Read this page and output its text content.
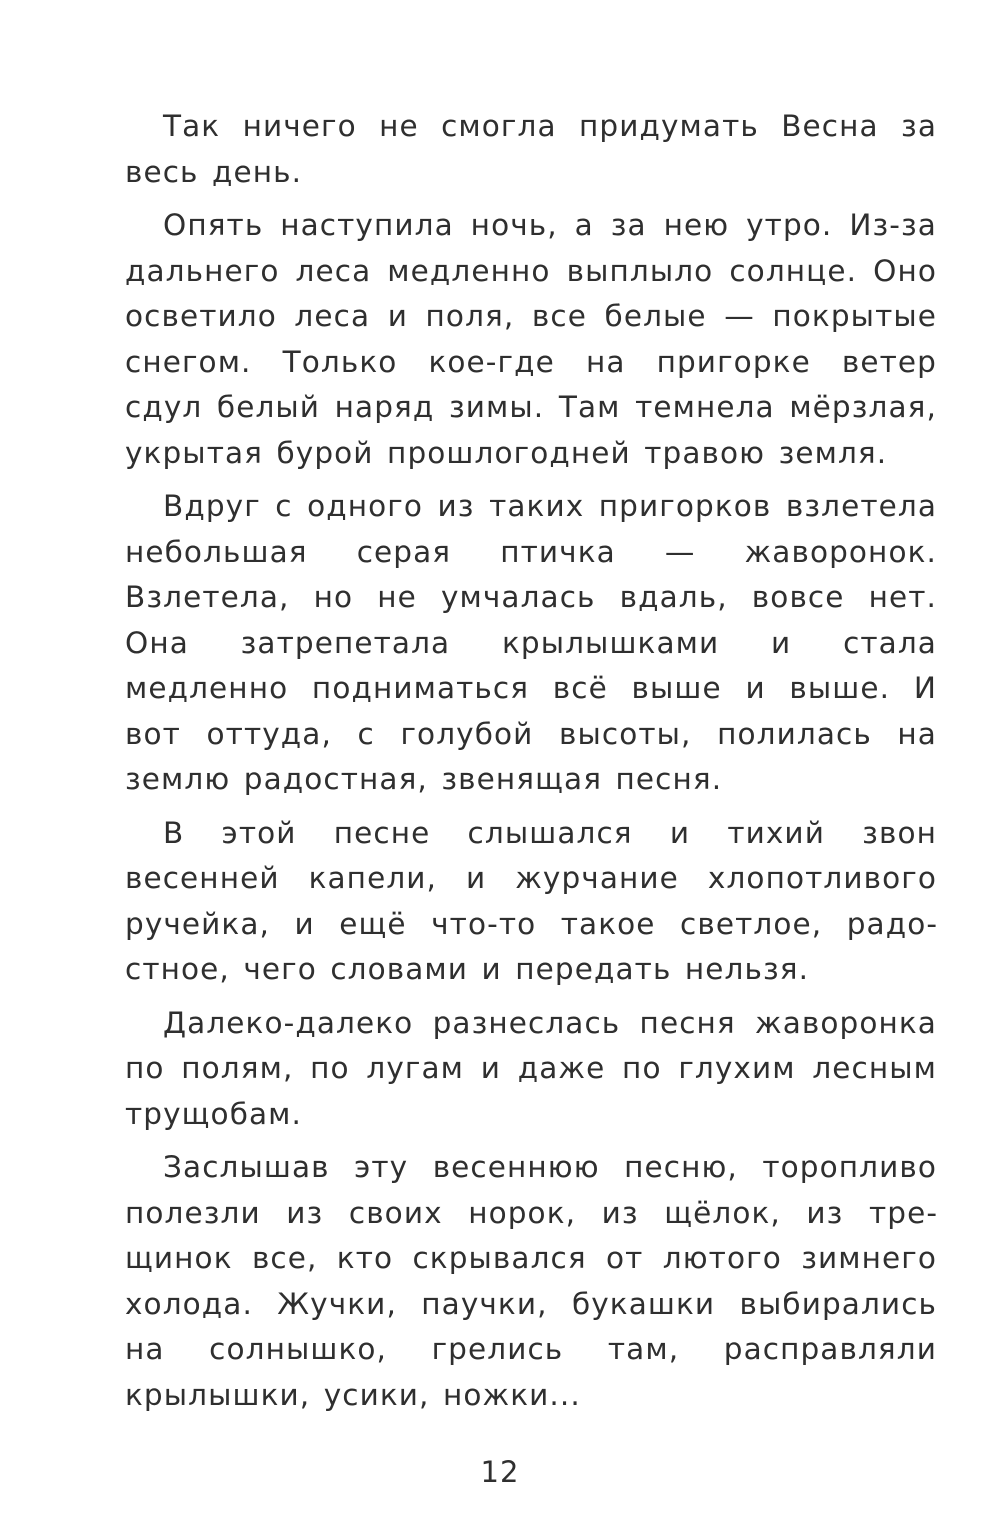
Так ничего не смогла придумать Весна за весь день.

Опять наступила ночь, а за нею утро. Из-за дальнего леса медленно выплыло солнце. Оно осветило леса и поля, все белые — покрытые снегом. Только кое-где на пригорке ветер сдул белый наряд зимы. Там темнела мёрзлая, укрытая бурой прошлогодней травою земля.

Вдруг с одного из таких пригорков взлетела небольшая серая птичка — жаворонок. Взлетела, но не умчалась вдаль, вовсе нет. Она затрепетала крылышками и стала медленно подниматься всё выше и выше. И вот оттуда, с голубой высоты, полилась на землю радостная, звенящая песня.

В этой песне слышался и тихий звон весенней капели, и журчание хлопотливого ручейка, и ещё что-то такое светлое, радостное, чего словами и передать нельзя.

Далеко-далеко разнеслась песня жаворонка по полям, по лугам и даже по глухим лесным трущобам.

Заслышав эту весеннюю песню, торопливо полезли из своих норок, из щёлок, из трещинок все, кто скрывался от лютого зимнего холода. Жучки, паучки, букашки выбирались на солнышко, грелись там, расправляли крылышки, усики, ножки...

12
